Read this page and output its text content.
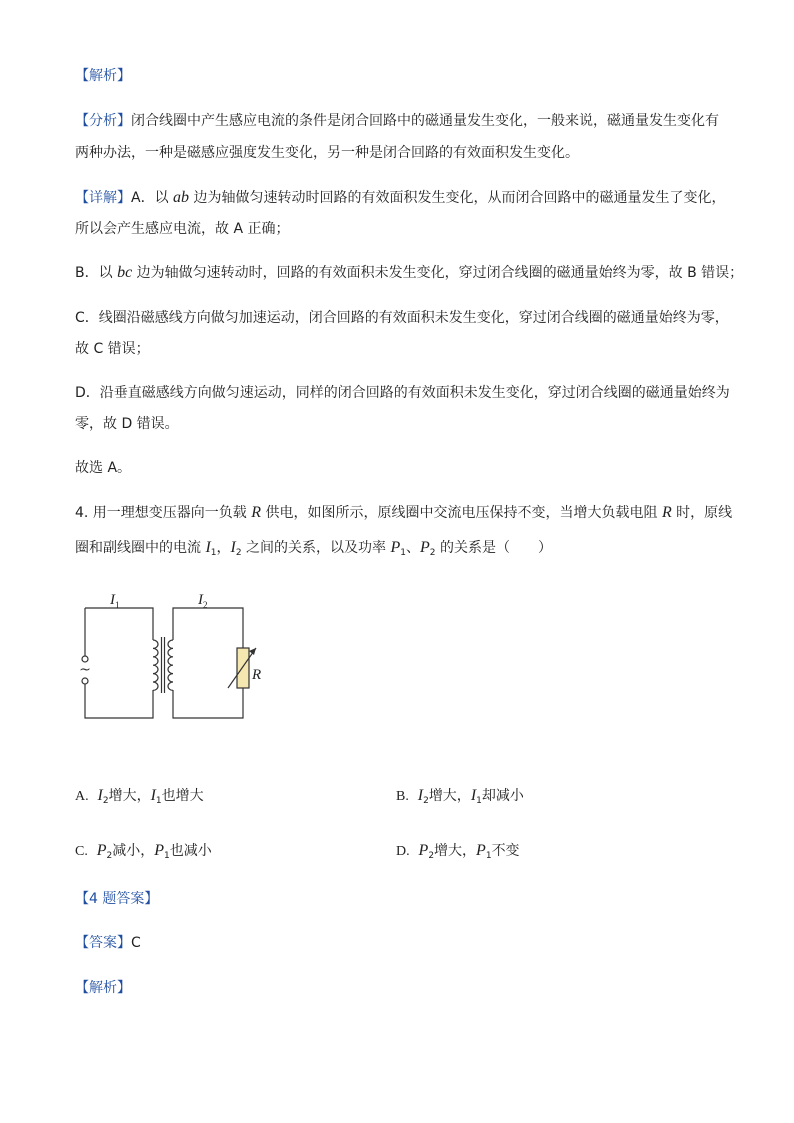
【解析】
【分析】闭合线圈中产生感应电流的条件是闭合回路中的磁通量发生变化，一般来说，磁通量发生变化有
两种办法，一种是磁感应强度发生变化，另一种是闭合回路的有效面积发生变化。
【详解】A．以 ab 边为轴做匀速转动时回路的有效面积发生变化，从而闭合回路中的磁通量发生了变化，
所以会产生感应电流，故 A 正确；
B．以 bc 边为轴做匀速转动时，回路的有效面积未发生变化，穿过闭合线圈的磁通量始终为零，故 B 错误；
C．线圈沿磁感线方向做匀加速运动，闭合回路的有效面积未发生变化，穿过闭合线圈的磁通量始终为零，
故 C 错误；
D．沿垂直磁感线方向做匀速运动，同样的闭合回路的有效面积未发生变化，穿过闭合线圈的磁通量始终为
零，故 D 错误。
故选 A。
4. 用一理想变压器向一负载 R 供电，如图所示，原线圈中交流电压保持不变，当增大负载电阻 R 时，原线
圈和副线圈中的电流 $I_1$，$I_2$ 之间的关系，以及功率 $P_1$、$P_2$ 的关系是（　　）
~
$I_1$	$I_2$
R
A. $I_2$增大，$I_1$也增大	B. $I_2$增大，$I_1$却减小
C. $P_2$减小，$P_1$也减小	D. $P_2$增大，$P_1$不变
【4 题答案】
【答案】C
【解析】
